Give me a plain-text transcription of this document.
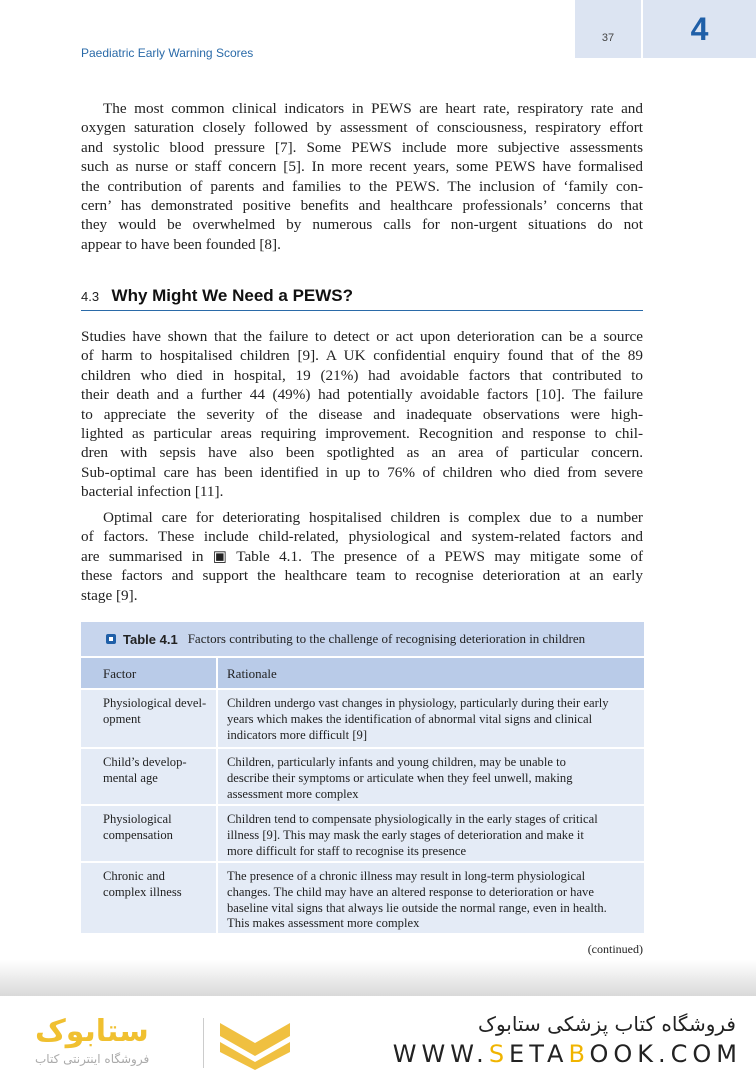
37	4
Paediatric Early Warning Scores
The most common clinical indicators in PEWS are heart rate, respiratory rate and
oxygen saturation closely followed by assessment of consciousness, respiratory effort
and systolic blood pressure [7]. Some PEWS include more subjective assessments
such as nurse or staff concern [5]. In more recent years, some PEWS have formalised
the contribution of parents and families to the PEWS. The inclusion of ‘family con-
cern’ has demonstrated positive benefits and healthcare professionals’ concerns that
they would be overwhelmed by numerous calls for non-urgent situations do not
appear to have been founded [8].
4.3 Why Might We Need a PEWS?
Studies have shown that the failure to detect or act upon deterioration can be a source
of harm to hospitalised children [9]. A UK confidential enquiry found that of the 89
children who died in hospital, 19 (21%) had avoidable factors that contributed to
their death and a further 44 (49%) had potentially avoidable factors [10]. The failure
to appreciate the severity of the disease and inadequate observations were high-
lighted as particular areas requiring improvement. Recognition and response to chil-
dren with sepsis have also been spotlighted as an area of particular concern.
Sub-optimal care has been identified in up to 76% of children who died from severe
bacterial infection [11].
Optimal care for deteriorating hospitalised children is complex due to a number
of factors. These include child-related, physiological and system-related factors and
are summarised in ▣ Table 4.1. The presence of a PEWS may mitigate some of
these factors and support the healthcare team to recognise deterioration at an early
stage [9].
Table 4.1 Factors contributing to the challenge of recognising deterioration in children
Factor	Rationale
Physiological devel-
opment
Children undergo vast changes in physiology, particularly during their early
years which makes the identification of abnormal vital signs and clinical
indicators more difficult [9]
Child’s develop-
mental age
Children, particularly infants and young children, may be unable to
describe their symptoms or articulate when they feel unwell, making
assessment more complex
Physiological
compensation
Children tend to compensate physiologically in the early stages of critical
illness [9]. This may mask the early stages of deterioration and make it
more difficult for staff to recognise its presence
Chronic and
complex illness
The presence of a chronic illness may result in long-term physiological
changes. The child may have an altered response to deterioration or have
baseline vital signs that always lie outside the normal range, even in health.
This makes assessment more complex
(continued)
ستابوک
فروشگاه اینترنتی کتاب
فروشگاه کتاب پزشکی ستابوک
WWW.SETABOOK.COM
